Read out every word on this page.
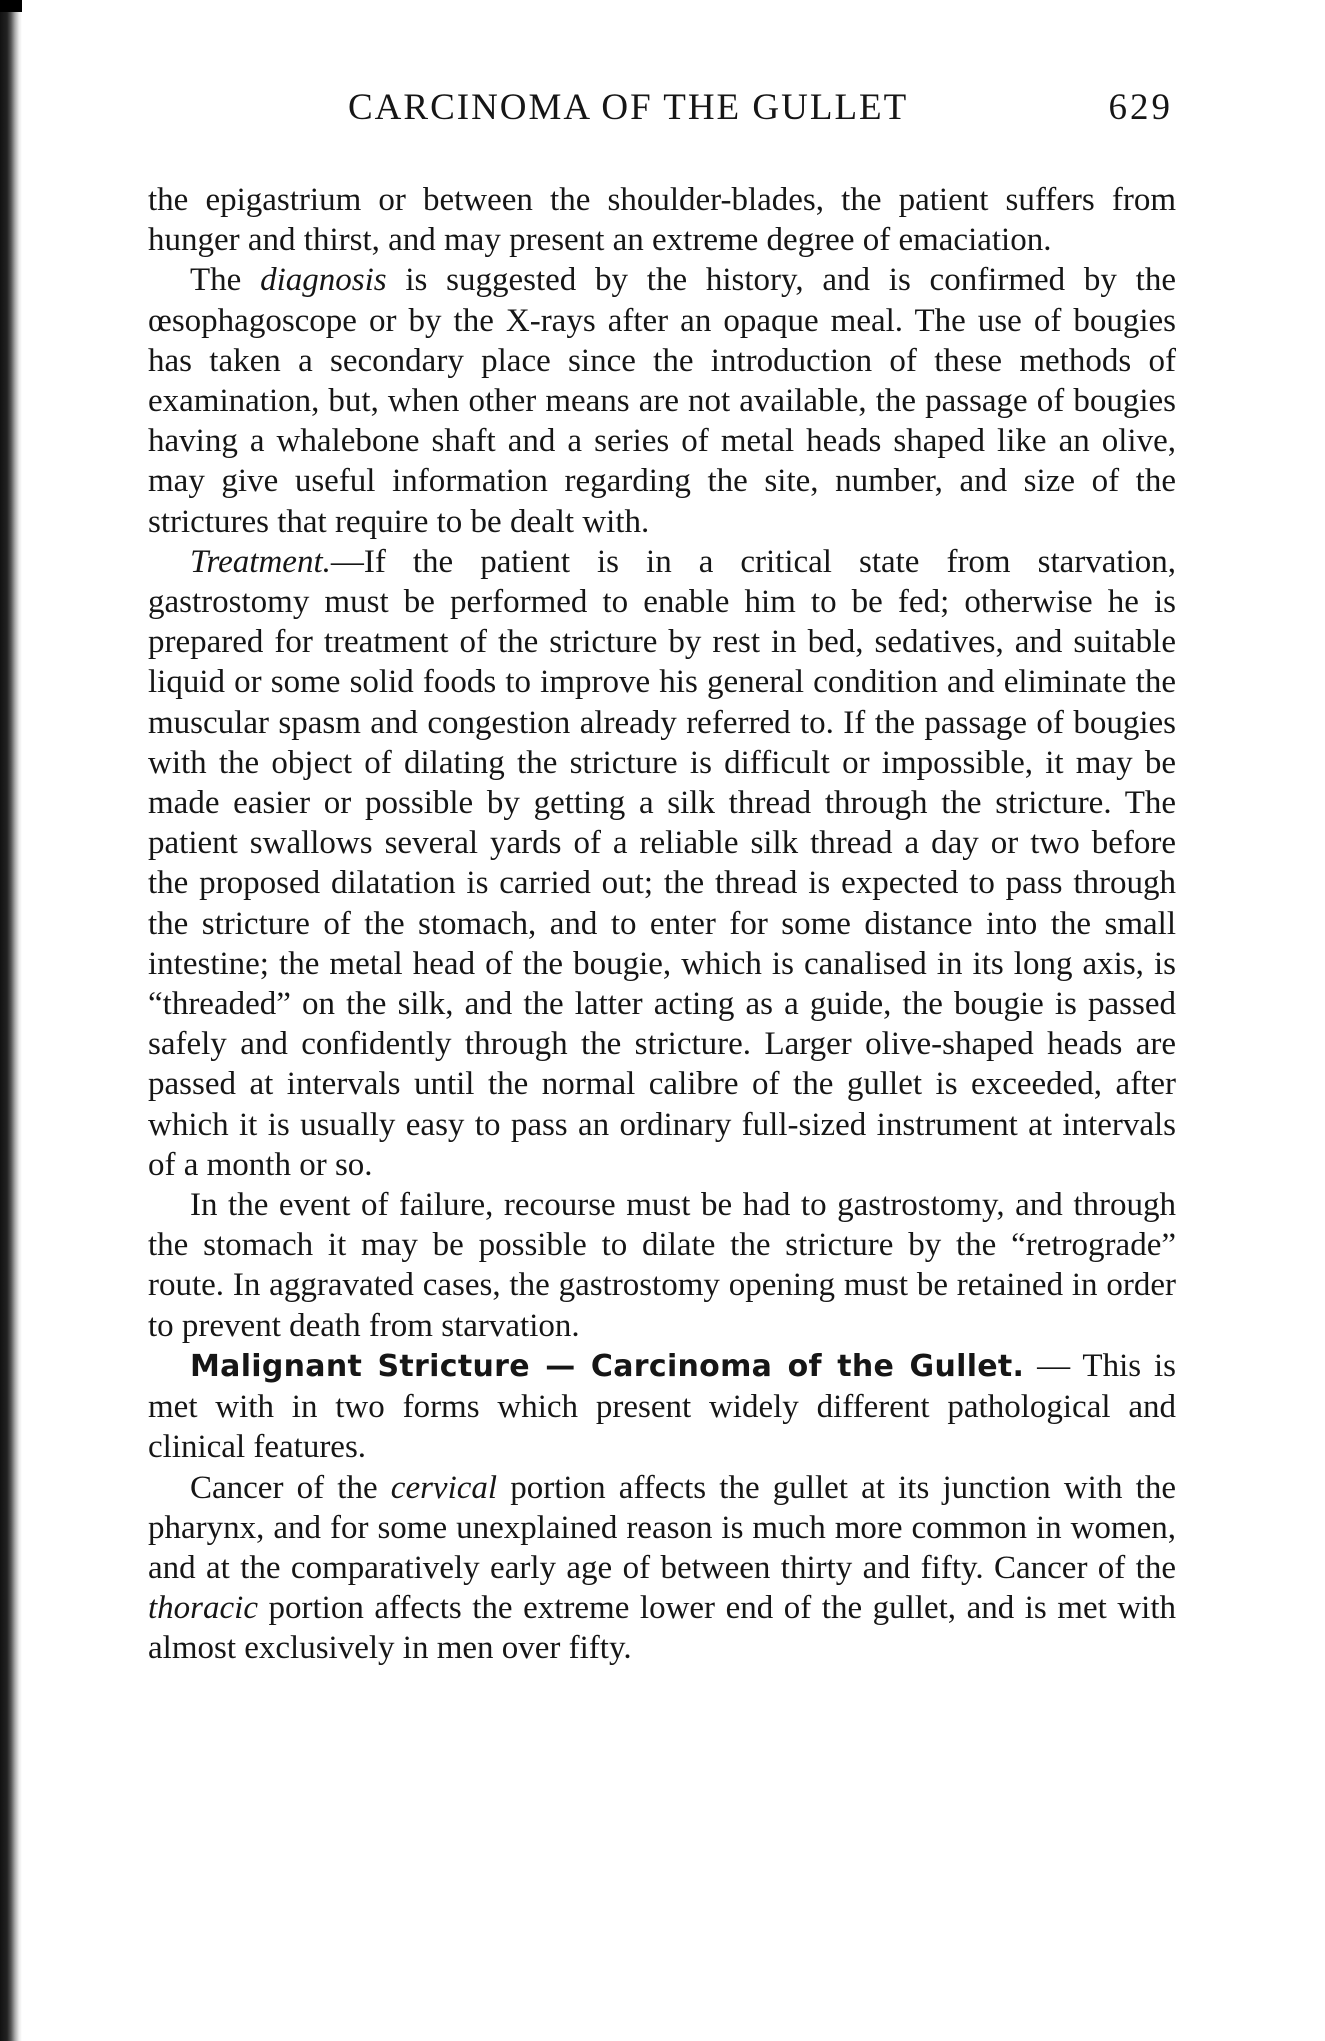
CARCINOMA OF THE GULLET	629

the epigastrium or between the shoulder-blades, the patient suffers from hunger and thirst, and may present an extreme degree of emaciation.

The diagnosis is suggested by the history, and is confirmed by the œsophagoscope or by the X-rays after an opaque meal. The use of bougies has taken a secondary place since the introduction of these methods of examination, but, when other means are not available, the passage of bougies having a whalebone shaft and a series of metal heads shaped like an olive, may give useful information regarding the site, number, and size of the strictures that require to be dealt with.

Treatment.—If the patient is in a critical state from starvation, gastrostomy must be performed to enable him to be fed; otherwise he is prepared for treatment of the stricture by rest in bed, sedatives, and suitable liquid or some solid foods to improve his general condition and eliminate the muscular spasm and congestion already referred to. If the passage of bougies with the object of dilating the stricture is difficult or impossible, it may be made easier or possible by getting a silk thread through the stricture. The patient swallows several yards of a reliable silk thread a day or two before the proposed dilatation is carried out; the thread is expected to pass through the stricture of the stomach, and to enter for some distance into the small intestine; the metal head of the bougie, which is canalised in its long axis, is “threaded” on the silk, and the latter acting as a guide, the bougie is passed safely and confidently through the stricture. Larger olive-shaped heads are passed at intervals until the normal calibre of the gullet is exceeded, after which it is usually easy to pass an ordinary full-sized instrument at intervals of a month or so.

In the event of failure, recourse must be had to gastrostomy, and through the stomach it may be possible to dilate the stricture by the “retrograde” route. In aggravated cases, the gastrostomy opening must be retained in order to prevent death from starvation.

Malignant Stricture — Carcinoma of the Gullet. — This is met with in two forms which present widely different pathological and clinical features.

Cancer of the cervical portion affects the gullet at its junction with the pharynx, and for some unexplained reason is much more common in women, and at the comparatively early age of between thirty and fifty. Cancer of the thoracic portion affects the extreme lower end of the gullet, and is met with almost exclusively in men over fifty.
